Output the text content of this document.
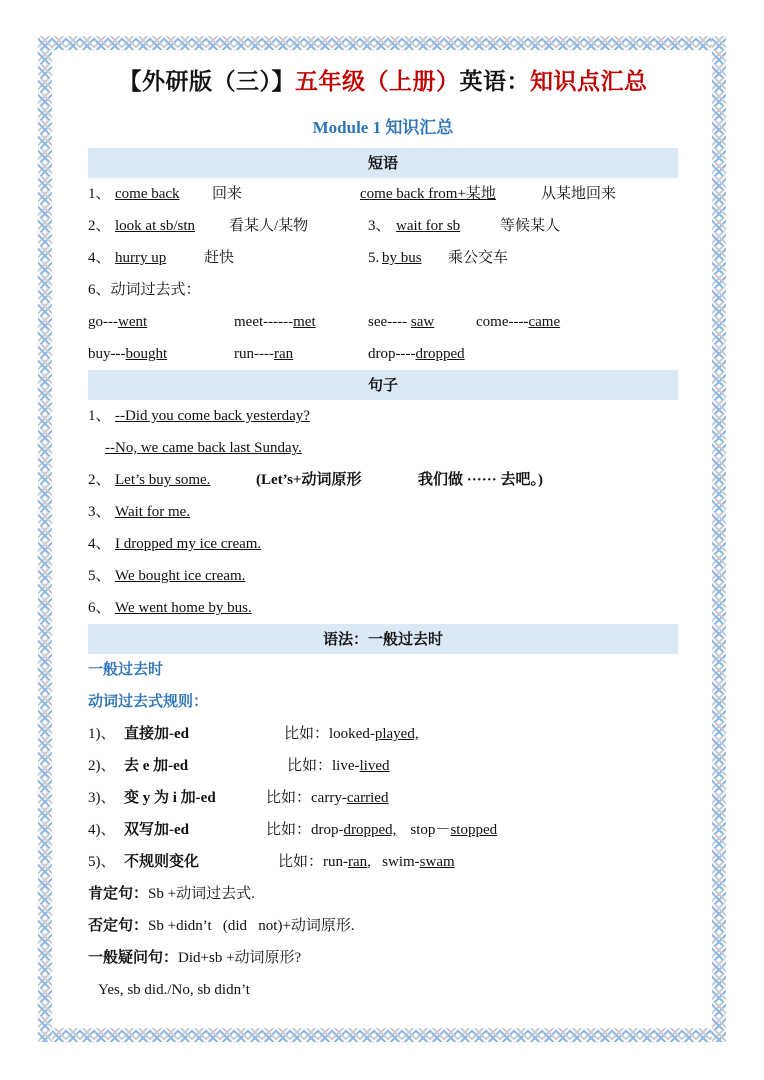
【外研版（三）】五年级（上册）英语：知识点汇总
Module 1 知识汇总
短语
1、 come back 回来	come back from+某地	从某地回来
2、 look at sb/stn 看某人/某物	3、 wait for sb	等候某人
4、 hurry up	赶快	5. by bus 乘公交车
6、动词过去式：
go---went	meet------met	see---- saw	come----came
buy---bought	run----ran	drop----dropped
句子
1、 --Did you come back yesterday?
--No, we came back last Sunday.
2、 Let’s buy some.	(Let’s+动词原形	我们做 ······ 去吧。)
3、 Wait for me.
4、 I dropped my ice cream.
5、 We bought ice cream.
6、 We went home by bus.
语法：一般过去时
一般过去时
动词过去式规则：
1)、 直接加-ed	比如：looked-played,
2)、 去 e 加-ed	比如：live-lived
3)、 变 y 为 i 加-ed	比如：carry-carried
4)、 双写加-ed	比如：drop-dropped, stop－stopped
5)、 不规则变化	比如：run-ran,   swim-swam
肯定句：Sb +动词过去式.
否定句：Sb +didn’t   (did   not)+动词原形.
一般疑问句：Did+sb +动词原形?
Yes, sb did./No, sb didn’t
